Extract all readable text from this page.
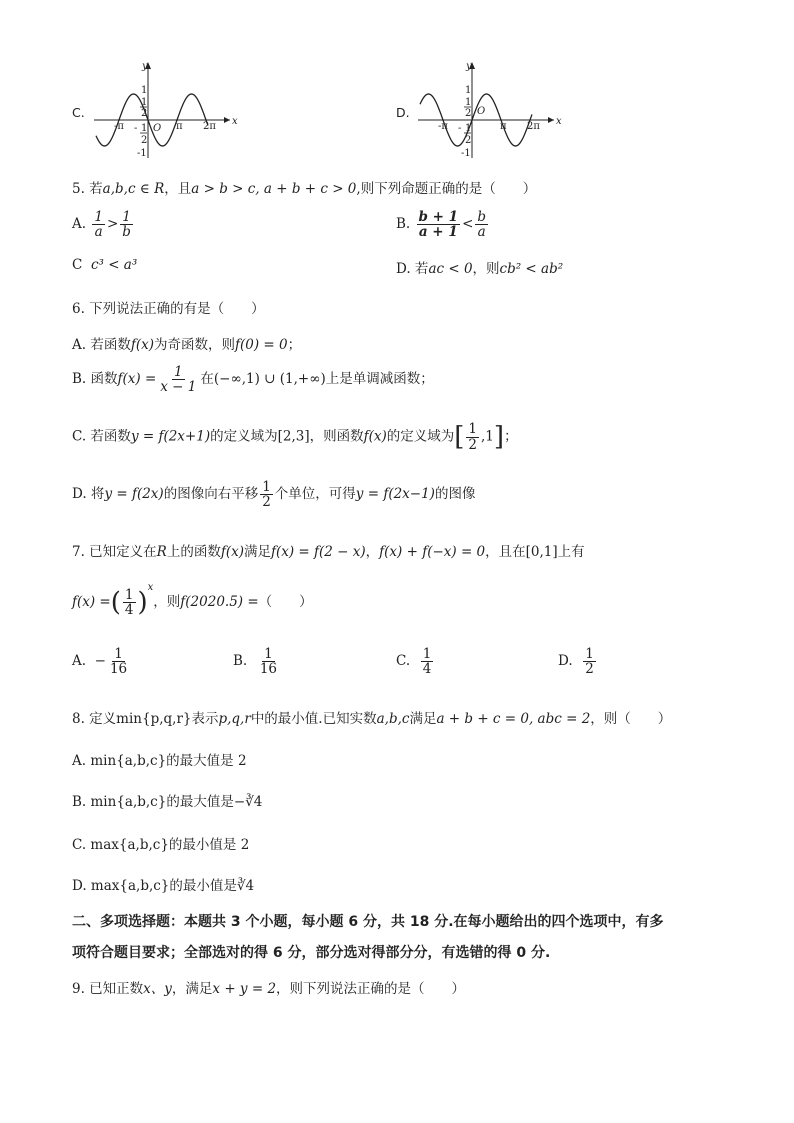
C.
y
x
O
1
1
2
- 1
2
-1
-π	π 2π
D.
y
x
O
1
1
2
- 1
2
-1
-π	π 2π
5. 若a,b,c ∈ R，且a > b > c, a + b + c > 0,则下列命题正确的是（　　）
A. $\frac{1}{a} > \frac{1}{b}$	B. $\frac{b + 1}{a + 1} < \frac{b}{a}$
C c³ < a³	D. 若ac < 0，则cb² < ab²
6. 下列说法正确的有是（　　）
A. 若函数f(x)为奇函数，则f(0) = 0；
B. 函数$f(x) = \frac{1}{x - 1}$ 在(−∞,1) ∪ (1,+∞)上是单调减函数；
C. 若函数y = f(2x+1)的定义域为[2,3]，则函数f(x)的定义域为[ $\frac{1}{2} ,1$]；
D. 将y = f(2x)的图像向右平移 $\frac{1}{2}$ 个单位，可得y = f(2x−1)的图像
7. 已知定义在R上的函数f(x)满足f(x) = f(2 − x)，f(x) + f(−x) = 0，且在[0,1]上有
f(x) =( $\frac{1}{4} )^x$，则f(2020.5) =（　　）
A. − $\frac{1}{16}$	B. $\frac{1}{16}$	C. $\frac{1}{4}$	D. $\frac{1}{2}$
8. 定义min{p,q,r}表示p,q,r中的最小值.已知实数a,b,c满足a + b + c = 0, abc = 2，则（　　）
A. min{a,b,c}的最大值是 2
B. min{a,b,c}的最大值是−∛4
C. max{a,b,c}的最小值是 2
D. max{a,b,c}的最小值是∛4
二、多项选择题：本题共 3 个小题，每小题 6 分，共 18 分.在每小题给出的四个选项中，有多
项符合题目要求；全部选对的得 6 分，部分选对得部分分，有选错的得 0 分.
9. 已知正数x、y，满足x + y = 2，则下列说法正确的是（　　）
